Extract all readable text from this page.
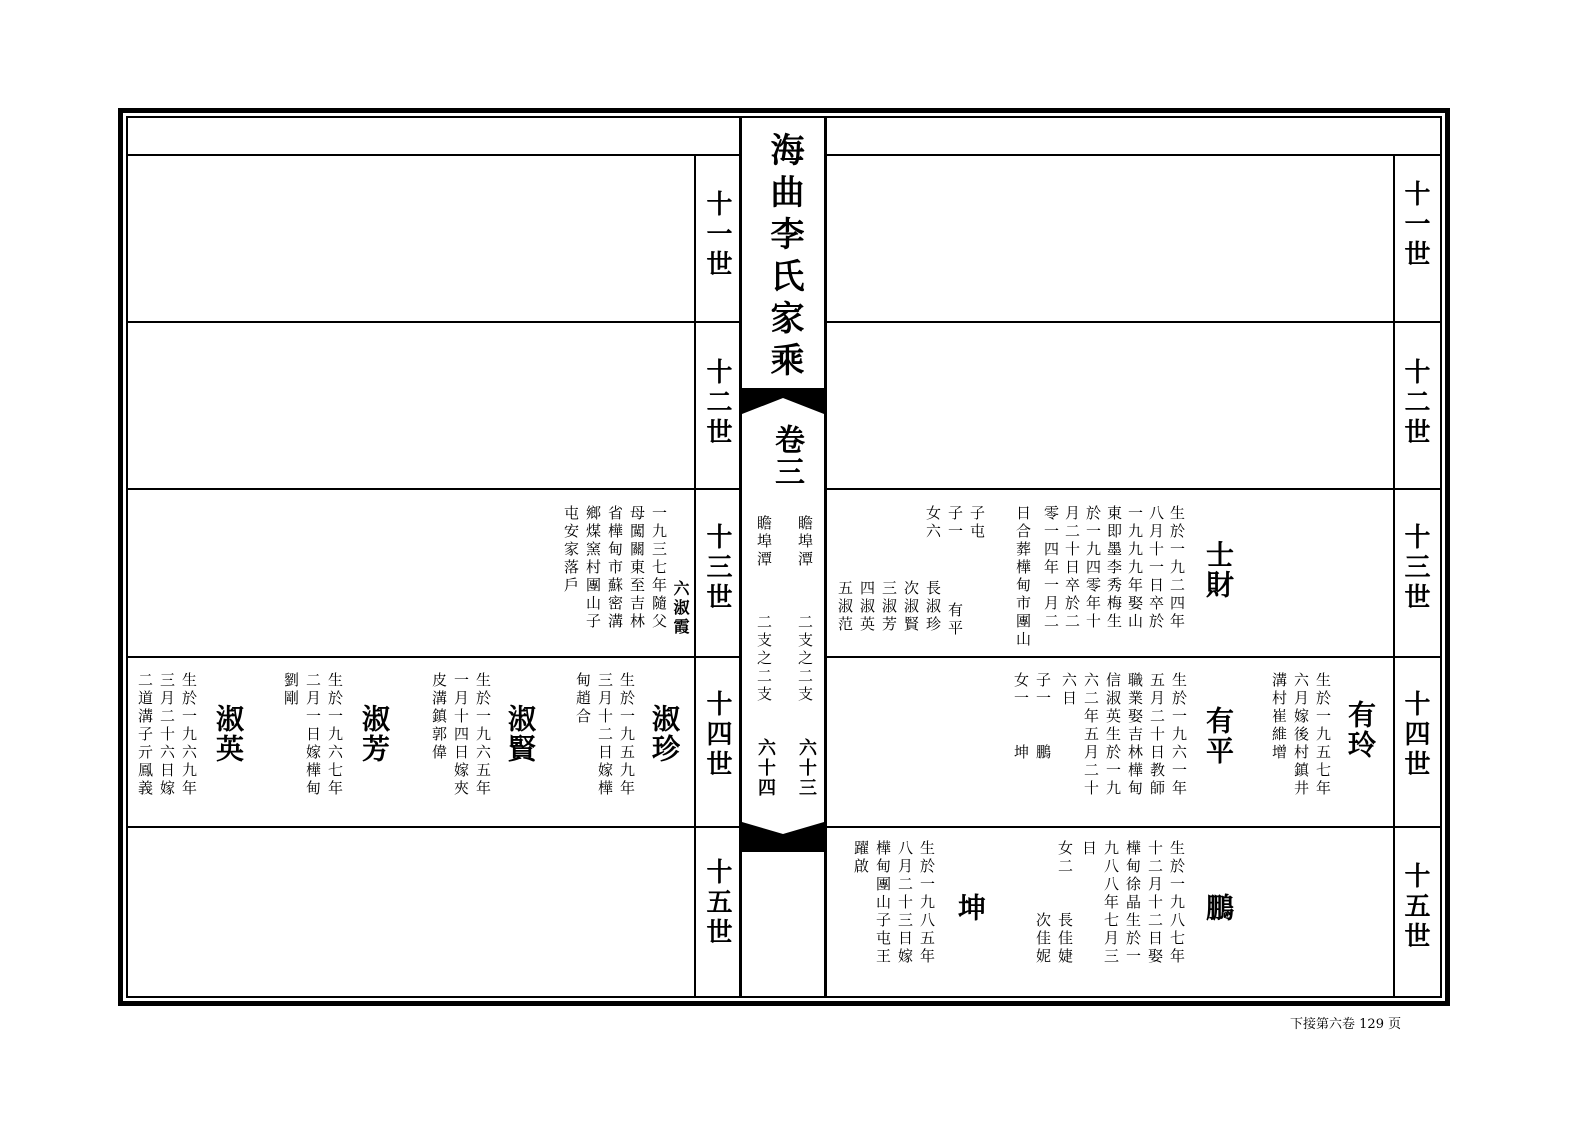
海曲李氏家乘
卷三
瞻埠潭
二支之二支
六十三
瞻埠潭
二支之二支
六十四
十一世
十二世
十三世
十四世
十五世
十一世
十二世
十三世
十四世
十五世
士財
生於一九二四年
八月十一日卒於
一九九九年娶山
東即墨李秀梅生
於一九四零年十
月二十日卒於二
零一四年一月二
日合葬樺甸市團山
子屯
子一
女六
有平
長淑珍
次淑賢
三淑芳
四淑英
五淑范
有玲
生於一九五七年
六月嫁後村鎮井
溝村崔維增
有平
生於一九六一年
五月二十日教師
職業娶吉林樺甸
信淑英生於一九
六二年五月二十
六日
子一
女一
鵬
坤
鵬
生於一九八七年
十二月十二日娶
樺甸徐晶生於一
九八八年七月三
日
女二
長佳婕
次佳妮
坤
生於一九八五年
八月二十三日嫁
樺甸團山子屯王
躍啟
六淑霞
一九三七年隨父
母闖關東至吉林
省樺甸市蘇密溝
鄉煤窯村團山子
屯安家落戶
淑珍
生於一九五九年
三月十二日嫁樺
甸趙合
淑賢
生於一九六五年
一月十四日嫁夾
皮溝鎮郭偉
淑芳
生於一九六七年
二月一日嫁樺甸
劉剛
淑英
生於一九六九年
三月二十六日嫁
二道溝子亓鳳義
下接第六卷 129 页
